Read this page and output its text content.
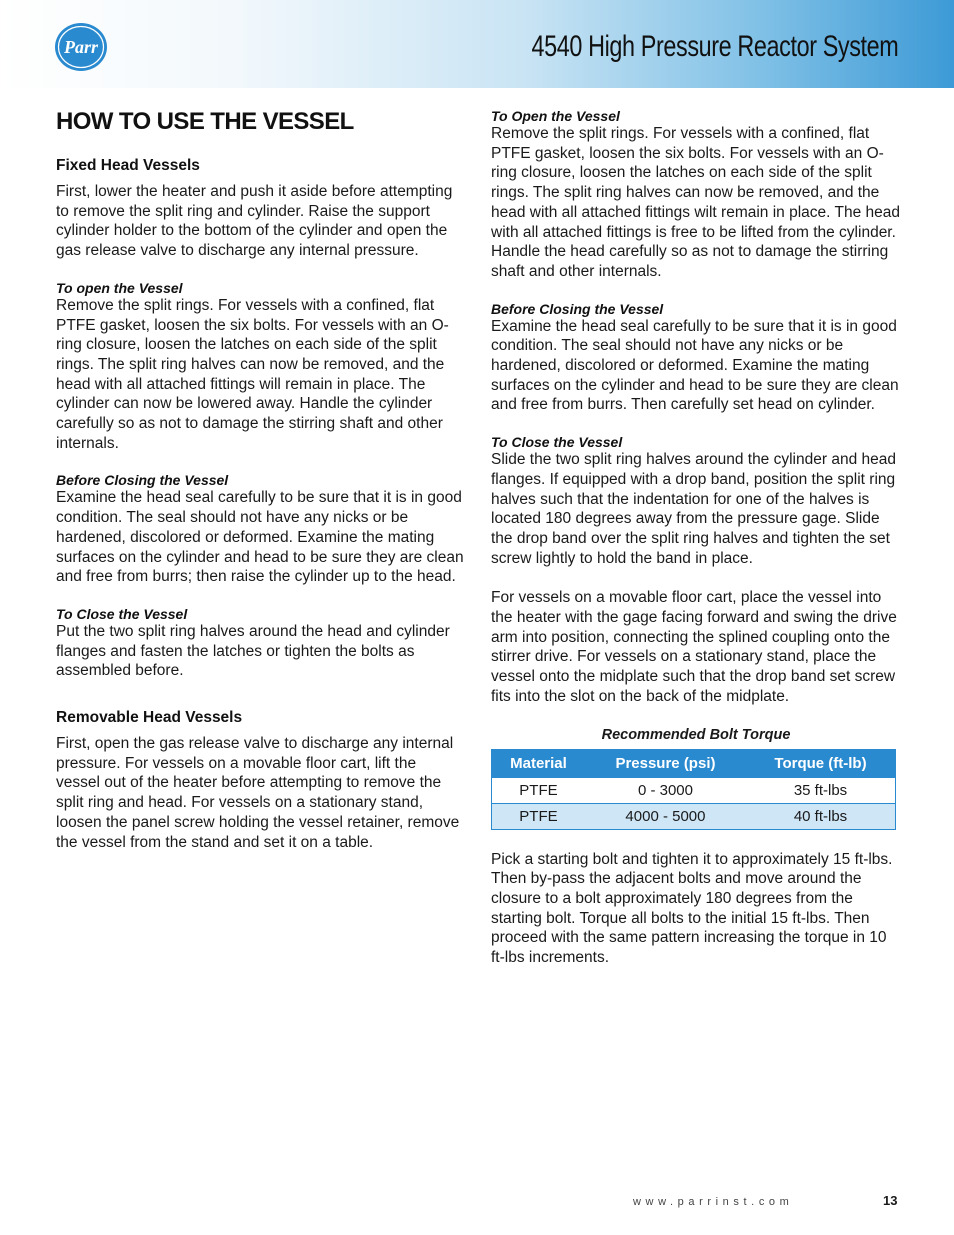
Parr	4540 High Pressure Reactor System
HOW TO USE THE VESSEL
Fixed Head Vessels

First, lower the heater and push it aside before attempting to remove the split ring and cylinder. Raise the support cylinder holder to the bottom of the cylinder and open the gas release valve to discharge any internal pressure.

To open the Vessel

Remove the split rings. For vessels with a confined, flat PTFE gasket, loosen the six bolts. For vessels with an O-ring closure, loosen the latches on each side of the split rings. The split ring halves can now be removed, and the head with all attached fittings will remain in place. The cylinder can now be lowered away. Handle the cylinder carefully so as not to damage the stirring shaft and other internals.

Before Closing the Vessel

Examine the head seal carefully to be sure that it is in good condition. The seal should not have any nicks or be hardened, discolored or deformed. Examine the mating surfaces on the cylinder and head to be sure they are clean and free from burrs; then raise the cylinder up to the head.

To Close the Vessel

Put the two split ring halves around the head and cylinder flanges and fasten the latches or tighten the bolts as assembled before.

Removable Head Vessels

First, open the gas release valve to discharge any internal pressure. For vessels on a movable floor cart, lift the vessel out of the heater before attempting to remove the split ring and head. For vessels on a stationary stand, loosen the panel screw holding the vessel retainer, remove the vessel from the stand and set it on a table.

To Open the Vessel

Remove the split rings. For vessels with a confined, flat PTFE gasket, loosen the six bolts. For vessels with an O-ring closure, loosen the latches on each side of the split rings. The split ring halves can now be removed, and the head with all attached fittings wilt remain in place. The head with all attached fittings is free to be lifted from the cylinder. Handle the head carefully so as not to damage the stirring shaft and other internals.

Before Closing the Vessel

Examine the head seal carefully to be sure that it is in good condition. The seal should not have any nicks or be hardened, discolored or deformed. Examine the mating surfaces on the cylinder and head to be sure they are clean and free from burrs. Then carefully set head on cylinder.

To Close the Vessel

Slide the two split ring halves around the cylinder and head flanges. If equipped with a drop band, position the split ring halves such that the indentation for one of the halves is located 180 degrees away from the pressure gage. Slide the drop band over the split ring halves and tighten the set screw lightly to hold the band in place.

For vessels on a movable floor cart, place the vessel into the heater with the gage facing forward and swing the drive arm into position, connecting the splined coupling onto the stirrer drive. For vessels on a stationary stand, place the vessel onto the midplate such that the drop band set screw fits into the slot on the back of the midplate.

Recommended Bolt Torque
Material	Pressure (psi)	Torque (ft-lb)
PTFE	0 - 3000	35 ft-lbs
PTFE	4000 - 5000	40 ft-lbs

Pick a starting bolt and tighten it to approximately 15 ft-lbs. Then by-pass the adjacent bolts and move around the closure to a bolt approximately 180 degrees from the starting bolt. Torque all bolts to the initial 15 ft-lbs. Then proceed with the same pattern increasing the torque in 10 ft-lbs increments.

www.parrinst.com	13
